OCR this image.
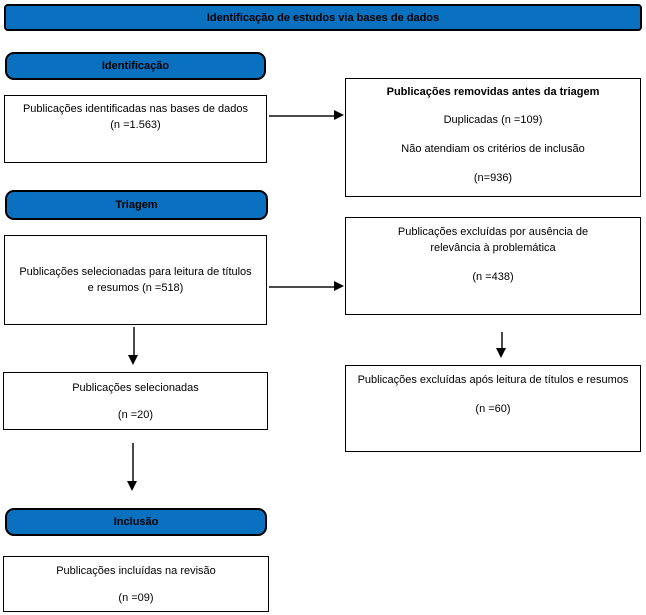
Identificação de estudos via bases de dados
Identificação

Publicações identificadas nas bases de dados (n =1.563)

Publicações removidas antes da triagem

Duplicadas (n =109)

Não atendiam os critérios de inclusão

(n=936)

Triagem

Publicações selecionadas para leitura de títulos e resumos (n =518)

Publicações excluídas por ausência de relevância à problemática

(n =438)

Publicações selecionadas

(n =20)

Publicações excluídas após leitura de títulos e resumos

(n =60)

Inclusão

Publicações incluídas na revisão

(n =09)
